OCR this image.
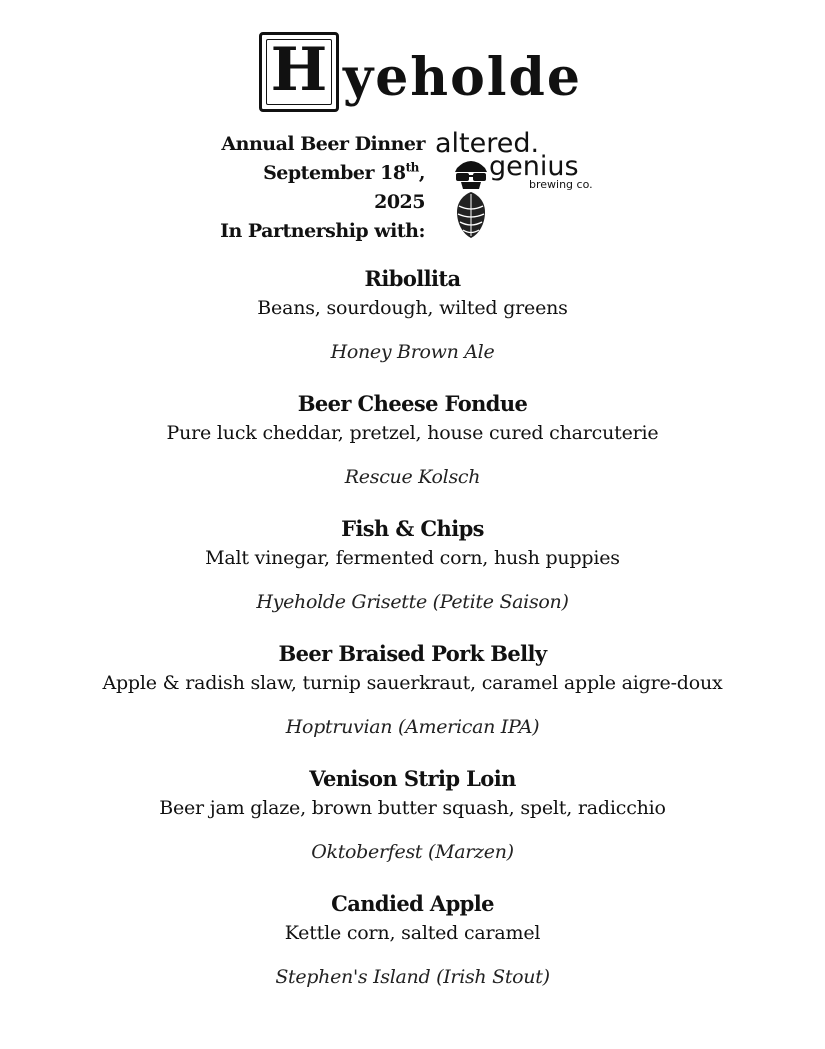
H yeholde
Annual Beer Dinner
September 18th, 2025
In Partnership with:
altered.
genius
brewing co.
Ribollita
Beans, sourdough, wilted greens
Honey Brown Ale
Beer Cheese Fondue
Pure luck cheddar, pretzel, house cured charcuterie
Rescue Kolsch
Fish & Chips
Malt vinegar, fermented corn, hush puppies
Hyeholde Grisette (Petite Saison)
Beer Braised Pork Belly
Apple & radish slaw, turnip sauerkraut, caramel apple aigre-doux
Hoptruvian (American IPA)
Venison Strip Loin
Beer jam glaze, brown butter squash, spelt, radicchio
Oktoberfest (Marzen)
Candied Apple
Kettle corn, salted caramel
Stephen's Island (Irish Stout)
